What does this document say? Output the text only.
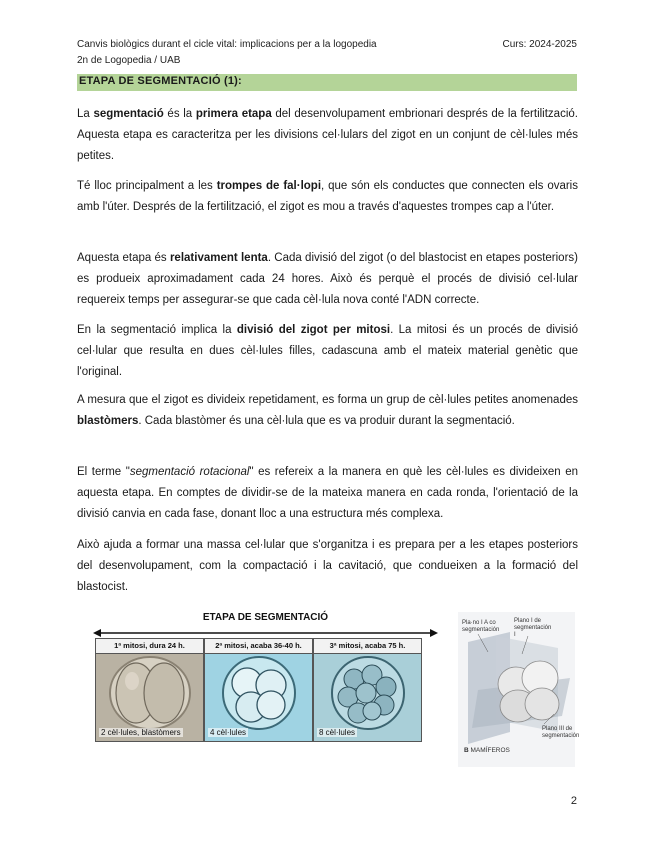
Canvis biològics durant el cicle vital: implicacions per a la logopedia
2n de Logopedia / UAB
Curs: 2024-2025
ETAPA DE SEGMENTACIÓ (1):

La segmentació és la primera etapa del desenvolupament embrionari després de la fertilització. Aquesta etapa es caracteritza per les divisions cel·lulars del zigot en un conjunt de cèl·lules més petites.

Té lloc principalment a les trompes de fal·lopi, que són els conductes que connecten els ovaris amb l'úter. Després de la fertilització, el zigot es mou a través d'aquestes trompes cap a l'úter.

Aquesta etapa és relativament lenta. Cada divisió del zigot (o del blastocist en etapes posteriors) es produeix aproximadament cada 24 hores. Això és perquè el procés de divisió cel·lular requereix temps per assegurar-se que cada cèl·lula nova conté l'ADN correcte.

En la segmentació implica la divisió del zigot per mitosi. La mitosi és un procés de divisió cel·lular que resulta en dues cèl·lules filles, cadascuna amb el mateix material genètic que l'original.

A mesura que el zigot es divideix repetidament, es forma un grup de cèl·lules petites anomenades blastòmers. Cada blastòmer és una cèl·lula que es va produir durant la segmentació.

El terme "segmentació rotacional" es refereix a la manera en què les cèl·lules es divideixen en aquesta etapa. En comptes de dividir-se de la mateixa manera en cada ronda, l'orientació de la divisió canvia en cada fase, donant lloc a una estructura més complexa.

Això ajuda a formar una massa cel·lular que s'organitza i es prepara per a les etapes posteriors del desenvolupament, com la compactació i la cavitació, que condueixen a la formació del blastocist.

ETAPA DE SEGMENTACIÓ
1ª mitosi, dura 24 h.
2 cèl·lules, blastòmers
2ª mitosi, acaba 36-40 h.
4 cèl·lules
3ª mitosi, acaba 75 h.
8 cèl·lules
Pla·no I A co
segmentación
Plano I de
segmentación
I
Plano III de
segmentación
B MAMÍFEROS
2
